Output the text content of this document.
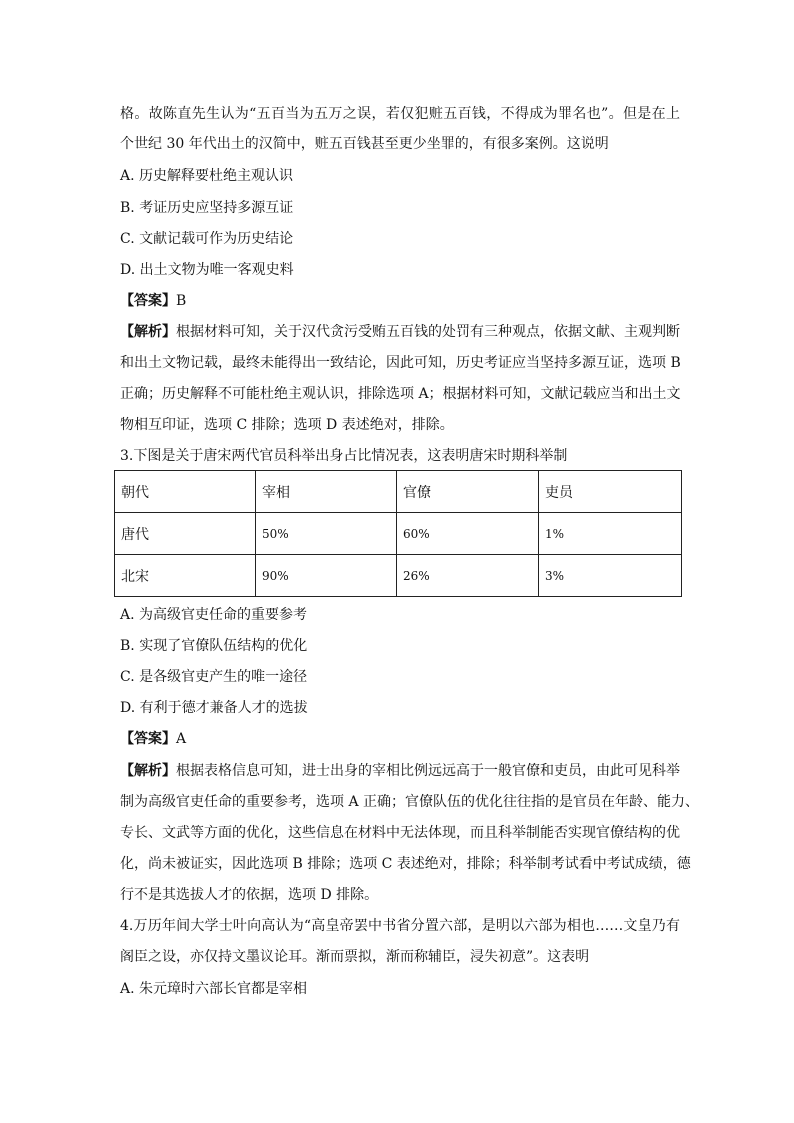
格。故陈直先生认为“五百当为五万之误，若仅犯赃五百钱，不得成为罪名也”。但是在上
个世纪 30 年代出土的汉简中，赃五百钱甚至更少坐罪的，有很多案例。这说明
A. 历史解释要杜绝主观认识
B. 考证历史应坚持多源互证
C. 文献记载可作为历史结论
D. 出土文物为唯一客观史料
【答案】B
【解析】根据材料可知，关于汉代贪污受贿五百钱的处罚有三种观点，依据文献、主观判断
和出土文物记载，最终未能得出一致结论，因此可知，历史考证应当坚持多源互证，选项 B
正确；历史解释不可能杜绝主观认识，排除选项 A；根据材料可知，文献记载应当和出土文
物相互印证，选项 C 排除；选项 D 表述绝对，排除。
3.下图是关于唐宋两代官员科举出身占比情况表，这表明唐宋时期科举制
A. 为高级官吏任命的重要参考
B. 实现了官僚队伍结构的优化
C. 是各级官吏产生的唯一途径
D. 有利于德才兼备人才的选拔
【答案】A
【解析】根据表格信息可知，进士出身的宰相比例远远高于一般官僚和吏员，由此可见科举
制为高级官吏任命的重要参考，选项 A 正确；官僚队伍的优化往往指的是官员在年龄、能力、
专长、文武等方面的优化，这些信息在材料中无法体现，而且科举制能否实现官僚结构的优
化，尚未被证实，因此选项 B 排除；选项 C 表述绝对，排除；科举制考试看中考试成绩，德
行不是其选拔人才的依据，选项 D 排除。
4.万历年间大学士叶向高认为“高皇帝罢中书省分置六部，是明以六部为相也……文皇乃有
阁臣之设，亦仅持文墨议论耳。渐而票拟，渐而称辅臣，浸失初意”。这表明
A. 朱元璋时六部长官都是宰相
朝代	宰相	官僚	吏员
唐代	50%	60%	1%
北宋	90%	26%	3%
